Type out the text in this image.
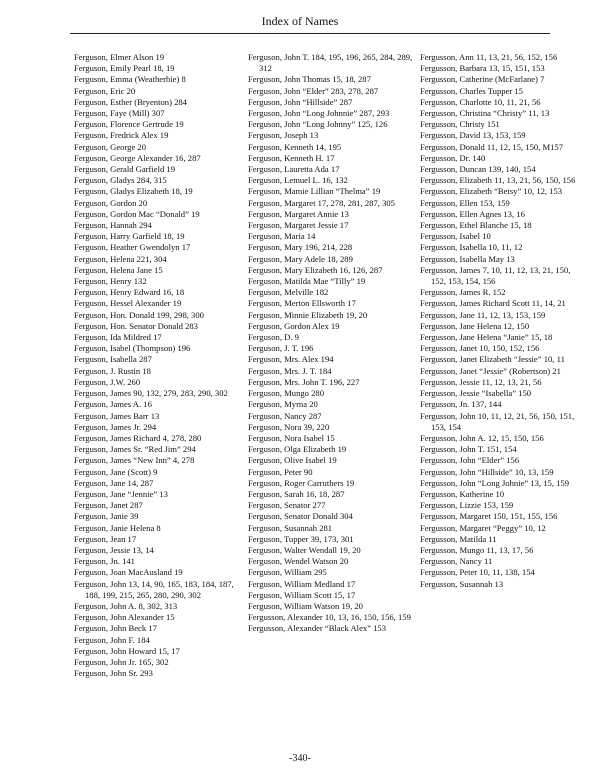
Index of Names
Ferguson, Elmer Alson 19
Ferguson, Emily Pearl 18, 19
Ferguson, Emma (Weatherbie) 8
Ferguson, Eric 20
Ferguson, Esther (Bryenton) 284
Ferguson, Faye (Mill) 307
Ferguson, Florence Gertrude 19
Ferguson, Fredrick Alex 19
Ferguson, George 20
Ferguson, George Alexander 16, 287
Ferguson, Gerald Garfield 19
Ferguson, Gladys 284, 315
Ferguson, Gladys Elizabeth 18, 19
Ferguson, Gordon 20
Ferguson, Gordon Mac “Donald” 19
Ferguson, Hannah 294
Ferguson, Harry Garfield 18, 19
Ferguson, Heather Gwendolyn 17
Ferguson, Helena 221, 304
Ferguson, Helena Jane 15
Ferguson, Henry 132
Ferguson, Henry Edward 16, 18
Ferguson, Hessel Alexander 19
Ferguson, Hon. Donald 199, 298, 300
Ferguson, Hon. Senator Donald 283
Ferguson, Ida Mildred 17
Ferguson, Isabel (Thompson) 196
Ferguson, Isabella 287
Ferguson, J. Rustin 18
Ferguson, J.W. 260
Ferguson, James 90, 132, 279, 283, 290, 302
Ferguson, James A. 16
Ferguson, James Barr 13
Ferguson, James Jr. 294
Ferguson, James Richard 4, 278, 280
Ferguson, James Sr. “Red Jim” 294
Ferguson, James “New Inn” 4, 278
Ferguson, Jane (Scott) 9
Ferguson, Jane 14, 287
Ferguson, Jane “Jennie” 13
Ferguson, Janet 287
Ferguson, Janie 39
Ferguson, Janie Helena 8
Ferguson, Jean 17
Ferguson, Jessie 13, 14
Ferguson, Jn. 141
Ferguson, Joan MacAusland 19
Ferguson, John 13, 14, 90, 165, 183, 184, 187, 188, 199, 215, 265, 280, 290, 302
Ferguson, John A. 8, 302, 313
Ferguson, John Alexander 15
Ferguson, John Beck 17
Ferguson, John F. 184
Ferguson, John Howard 15, 17
Ferguson, John Jr. 165, 302
Ferguson, John Sr. 293
Ferguson, John T. 184, 195, 196, 265, 284, 289, 312
Ferguson, John Thomas 15, 18, 287
Ferguson, John “Elder” 283, 278, 287
Ferguson, John “Hillside” 287
Ferguson, John “Long Johnnie” 287, 293
Ferguson, John “Long Johnny” 125, 126
Ferguson, Joseph 13
Ferguson, Kenneth 14, 195
Ferguson, Kenneth H. 17
Ferguson, Lauretta Ada 17
Ferguson, Lemuel L. 16, 132
Ferguson, Mamie Lillian “Thelma” 19
Ferguson, Margaret 17, 278, 281, 287, 305
Ferguson, Margaret Annie 13
Ferguson, Margaret Jessie 17
Ferguson, Maria 14
Ferguson, Mary 196, 214, 228
Ferguson, Mary Adele 18, 289
Ferguson, Mary Elizabeth 16, 126, 287
Ferguson, Matilda Mae “Tilly” 19
Ferguson, Melville 182
Ferguson, Merton Ellsworth 17
Ferguson, Minnie Elizabeth 19, 20
Ferguson, Gordon Alex 19
Ferguson, D. 9
Ferguson, J. T. 196
Ferguson, Mrs. Alex 194
Ferguson, Mrs. J. T. 184
Ferguson, Mrs. John T. 196, 227
Ferguson, Mungo 280
Ferguson, Myrna 20
Ferguson, Nancy 287
Ferguson, Nora 39, 220
Ferguson, Nora Isabel 15
Ferguson, Olga Elizabeth 19
Ferguson, Olive Isabel 19
Ferguson, Peter 90
Ferguson, Roger Carruthers 19
Ferguson, Sarah 16, 18, 287
Ferguson, Senator 277
Ferguson, Senator Donald 304
Ferguson, Susannah 281
Ferguson, Tupper 39, 173, 301
Ferguson, Walter Wendall 19, 20
Ferguson, Wendel Watson 20
Ferguson, William 295
Ferguson, William Medland 17
Ferguson, William Scott 15, 17
Ferguson, William Watson 19, 20
Fergusson, Alexander 10, 13, 16, 150, 156, 159
Fergusson, Alexander “Black Alex” 153
Fergusson, Ann 11, 13, 21, 56, 152, 156
Fergusson, Barbara 13, 15, 151, 153
Fergusson, Catherine (McFarlane) 7
Fergusson, Charles Tupper 15
Fergusson, Charlotte 10, 11, 21, 56
Fergusson, Christina “Christy” 11, 13
Fergusson, Christy 151
Fergusson, David 13, 153, 159
Fergusson, Donald 11, 12, 15, 150, M157
Fergusson, Dr. 140
Fergusson, Duncan 139, 140, 154
Fergusson, Elizabeth 11, 13, 21, 56, 150, 156
Fergusson, Elizabeth “Betsy” 10, 12, 153
Fergusson, Ellen 153, 159
Fergusson, Ellen Agnes 13, 16
Fergusson, Ethel Blanche 15, 18
Fergusson, Isabel 10
Fergusson, Isabella 10, 11, 12
Fergusson, Isabella May 13
Fergusson, James 7, 10, 11, 12, 13, 21, 150, 152, 153, 154, 156
Fergusson, James R. 152
Fergusson, James Richard Scott 11, 14, 21
Fergusson, Jane 11, 12, 13, 153, 159
Fergusson, Jane Helena 12, 150
Fergusson, Jane Helena “Janie” 15, 18
Fergusson, Janet 10, 150, 152, 156
Fergusson, Janet Elizabeth “Jessie” 10, 11
Fergusson, Janet “Jessie” (Robertson) 21
Fergusson, Jessie 11, 12, 13, 21, 56
Fergusson, Jessie “Isabella” 150
Fergusson, Jn. 137, 144
Fergusson, John 10, 11, 12, 21, 56, 150, 151, 153, 154
Fergusson, John A. 12, 15, 150, 156
Fergusson, John T. 151, 154
Fergusson, John “Elder” 156
Fergusson, John “Hillside” 10, 13, 159
Fergusson, John “Long Johnie” 13, 15, 159
Fergusson, Katherine 10
Fergusson, Lizzie 153, 159
Fergusson, Margaret 150, 151, 155, 156
Fergusson, Margaret “Peggy” 10, 12
Fergusson, Matilda 11
Fergusson, Mungo 11, 13, 17, 56
Fergusson, Nancy 11
Fergusson, Peter 10, 11, 138, 154
Fergusson, Susannah 13
-340-
